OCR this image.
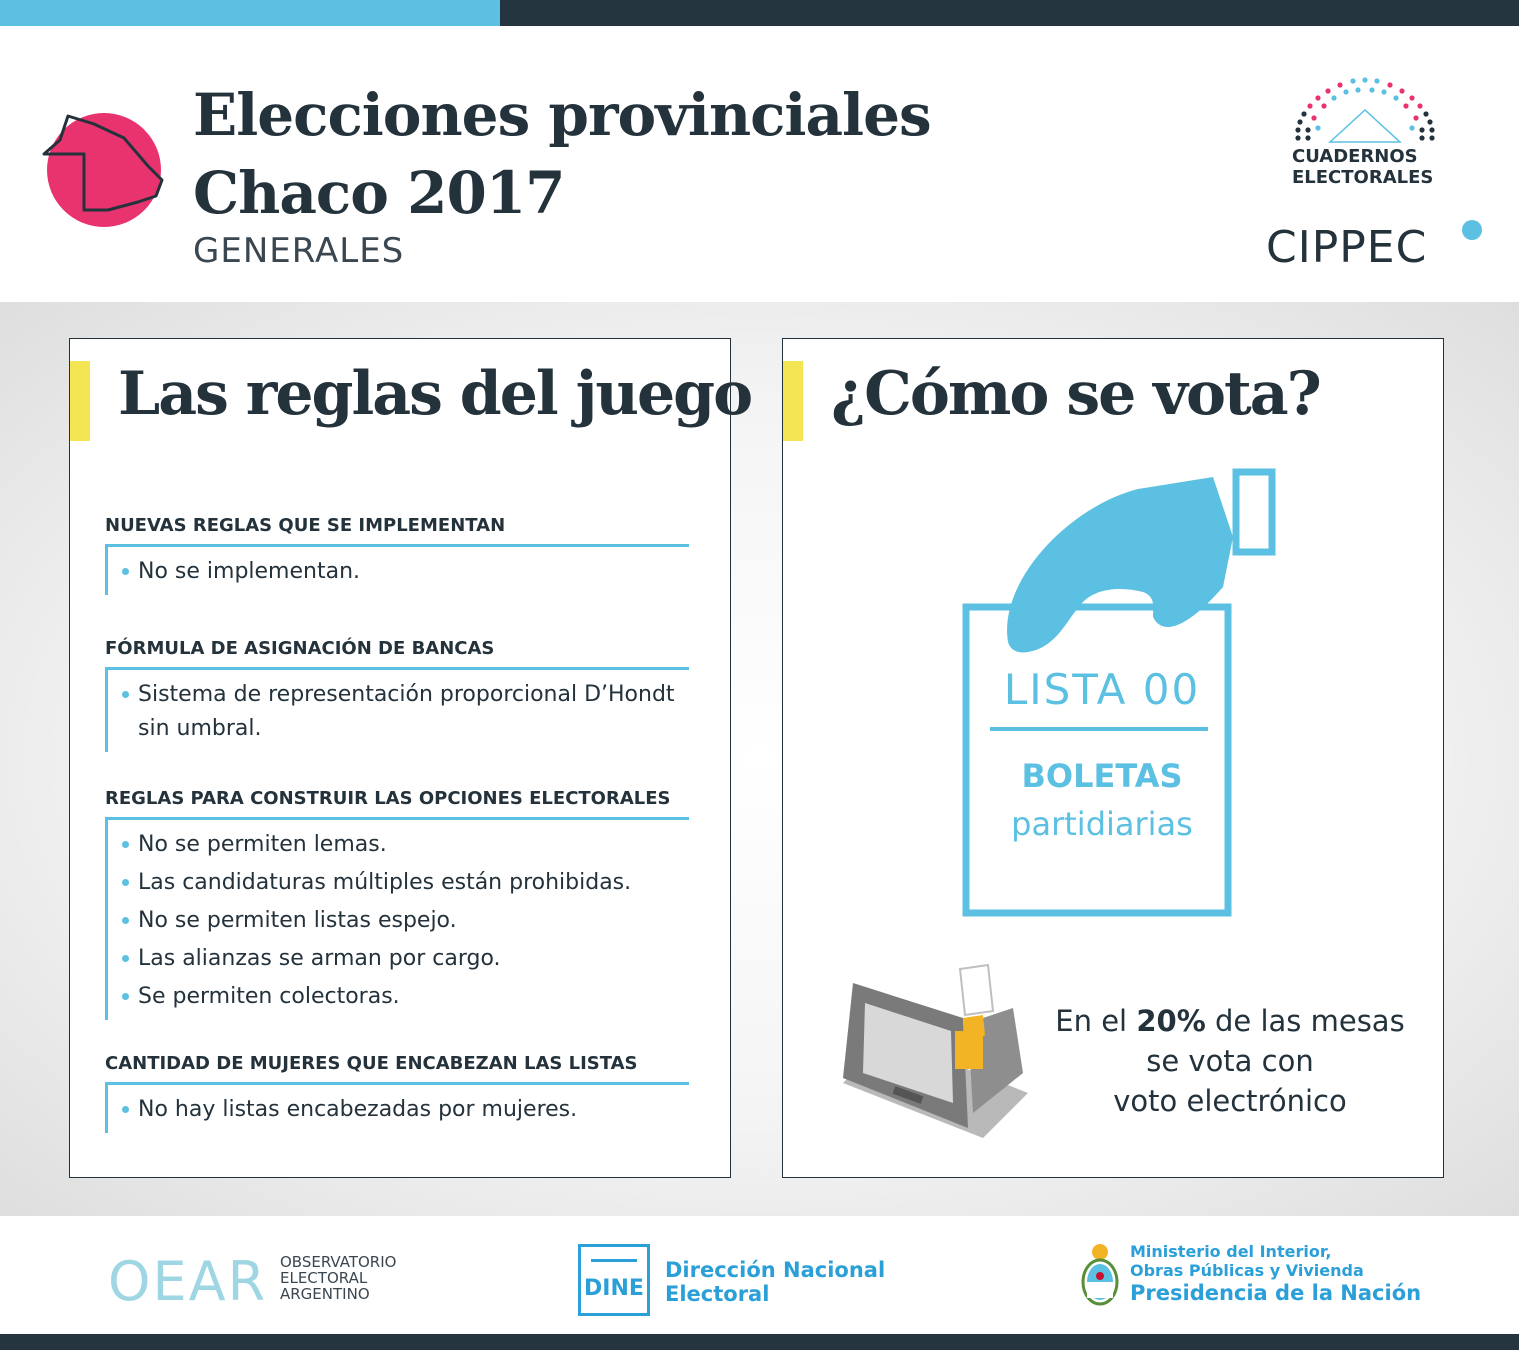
Elecciones provinciales
Chaco 2017
GENERALES
CUADERNOS
ELECTORALES
CIPPEC
Las reglas del juego
NUEVAS REGLAS QUE SE IMPLEMENTAN
No se implementan.
FÓRMULA DE ASIGNACIÓN DE BANCAS
Sistema de representación proporcional D’Hondt sin umbral.
REGLAS PARA CONSTRUIR LAS OPCIONES ELECTORALES
No se permiten lemas.
Las candidaturas múltiples están prohibidas.
No se permiten listas espejo.
Las alianzas se arman por cargo.
Se permiten colectoras.
CANTIDAD DE MUJERES QUE ENCABEZAN LAS LISTAS
No hay listas encabezadas por mujeres.
¿Cómo se vota?
LISTA 00
BOLETAS
partidiarias
En el 20% de las mesas
se vota con
voto electrónico
OEAR OBSERVATORIO
ELECTORAL
ARGENTINO	DINE
Dirección Nacional
Electoral
Ministerio del Interior,
Obras Públicas y Vivienda
Presidencia de la Nación
